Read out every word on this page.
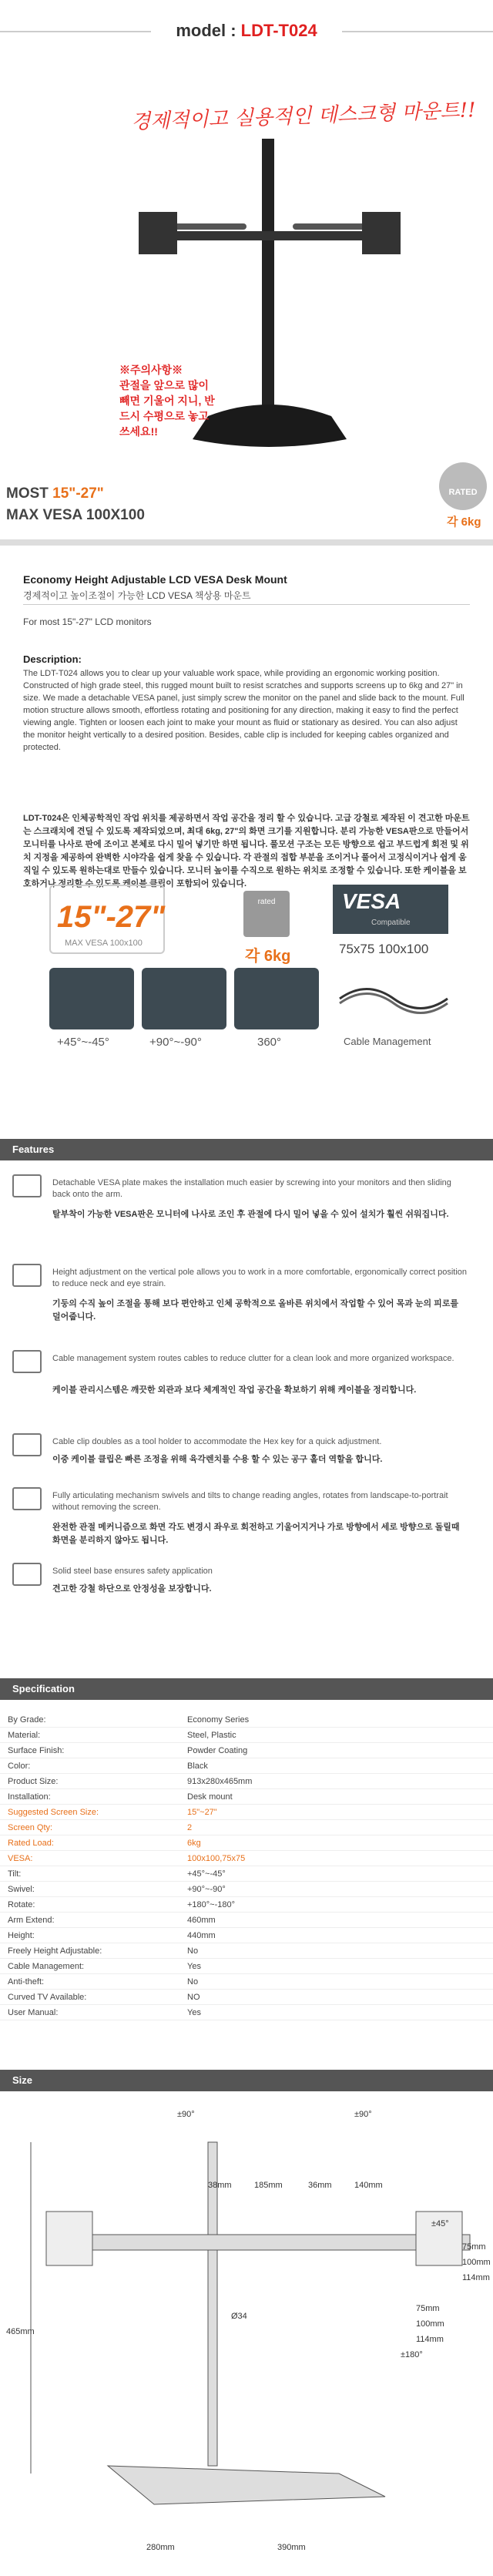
model : LDT-T024
경제적이고 실용적인 데스크형 마운트!!
※주의사항※
관절을 앞으로 많이 빼면 기울어 지니, 반드시 수평으로 놓고 쓰세요!!
MOST 15"-27"
MAX VESA 100X100
RATED
각 6kg
Economy Height Adjustable LCD VESA Desk Mount
경제적이고 높이조절이 가능한 LCD VESA 책상용 마운트
For most 15"-27" LCD monitors
Description:
The LDT-T024 allows you to clear up your valuable work space, while providing an ergonomic working position. Constructed of high grade steel, this rugged mount built to resist scratches and supports screens up to 6kg and 27" in size. We made a detachable VESA panel, just simply screw the monitor on the panel and slide back to the mount. Full motion structure allows smooth, effortless rotating and positioning for any direction, making it easy to find the perfect viewing angle. Tighten or loosen each joint to make your mount as fluid or stationary as desired. You can also adjust the monitor height vertically to a desired position. Besides, cable clip is included for keeping cables organized and protected.
LDT-T024은 인체공학적인 작업 위치를 제공하면서 작업 공간을 정리 할 수 있습니다. 고급 강철로 제작된 이 견고한 마운트는 스크래치에 견딜 수 있도록 제작되었으며, 최대 6kg, 27"의 화면 크기를 지원합니다. 분리 가능한 VESA판으로 만들어서 모니터를 나사로 판에 조이고 본체로 다시 밀어 넣기만 하면 됩니다. 풀모션 구조는 모든 방향으로 쉽고 부드럽게 회전 및 위치 지정을 제공하여 완벽한 시야각을 쉽게 찾을 수 있습니다. 각 관절의 접합 부분을 조이거나 풀어서 고정식이거나 쉽게 움직일 수 있도록 원하는대로 만들수 있습니다. 모니터 높이를 수직으로 원하는 위치로 조정할 수 있습니다. 또한 케이블을 보호하거나 정리할 수 있도록 케이블 클립이 포함되어 있습니다.
15"-27"
MAX VESA 100x100
rated
각 6kg
VESA
Compatible
75x75 100x100
+45°~-45°	+90°~-90°	360°	Cable Management
Features
Detachable VESA plate makes the installation much easier by screwing into your monitors and then sliding back onto the arm.
탈부착이 가능한 VESA판은 모니터에 나사로 조인 후 관절에 다시 밀어 넣을 수 있어 설치가 훨씬 쉬워집니다.
Height adjustment on the vertical pole allows you to work in a more comfortable, ergonomically correct position to reduce neck and eye strain.
기둥의 수직 높이 조절을 통해 보다 편안하고 인체 공학적으로 올바른 위치에서 작업할 수 있어 목과 눈의 피로를 덜어줍니다.
Cable management system routes cables to reduce clutter for a clean look and more organized workspace.
케이블 관리시스템은 깨끗한 외관과 보다 체계적인 작업 공간을 확보하기 위해 케이블을 정리합니다.
Cable clip doubles as a tool holder to accommodate the Hex key for a quick adjustment.
이중 케이블 클립은 빠른 조정을 위해 육각렌치를 수용 할 수 있는 공구 홀더 역할을 합니다.
Fully articulating mechanism swivels and tilts to change reading angles, rotates from landscape-to-portrait without removing the screen.
완전한 관절 메커니즘으로 화면 각도 변경시 좌우로 회전하고 기울어지거나 가로 방향에서 세로 방향으로 돌릴때 화면을 분리하지 않아도 됩니다.
Solid steel base ensures safety application
견고한 강철 하단으로 안정성을 보장합니다.
Specification
By Grade:	Economy Series
Material:	Steel, Plastic
Surface Finish:	Powder Coating
Color:	Black
Product Size:	913x280x465mm
Installation:	Desk mount
Suggested Screen Size:	15"~27"
Screen Qty:	2
Rated Load:	6kg
VESA:	100x100,75x75
Tilt:	+45°~-45°
Swivel:	+90°~-90°
Rotate:	+180°~-180°
Arm Extend:	460mm
Height:	440mm
Freely Height Adjustable:	No
Cable Management:	Yes
Anti-theft:	No
Curved TV Available:	NO
User Manual:	Yes
Size
±90°	±90°
38mm	185mm	36mm	140mm
±45°
75mm
100mm
114mm
75mm
100mm
114mm
Ø34
±180°
465mm
280mm	390mm
